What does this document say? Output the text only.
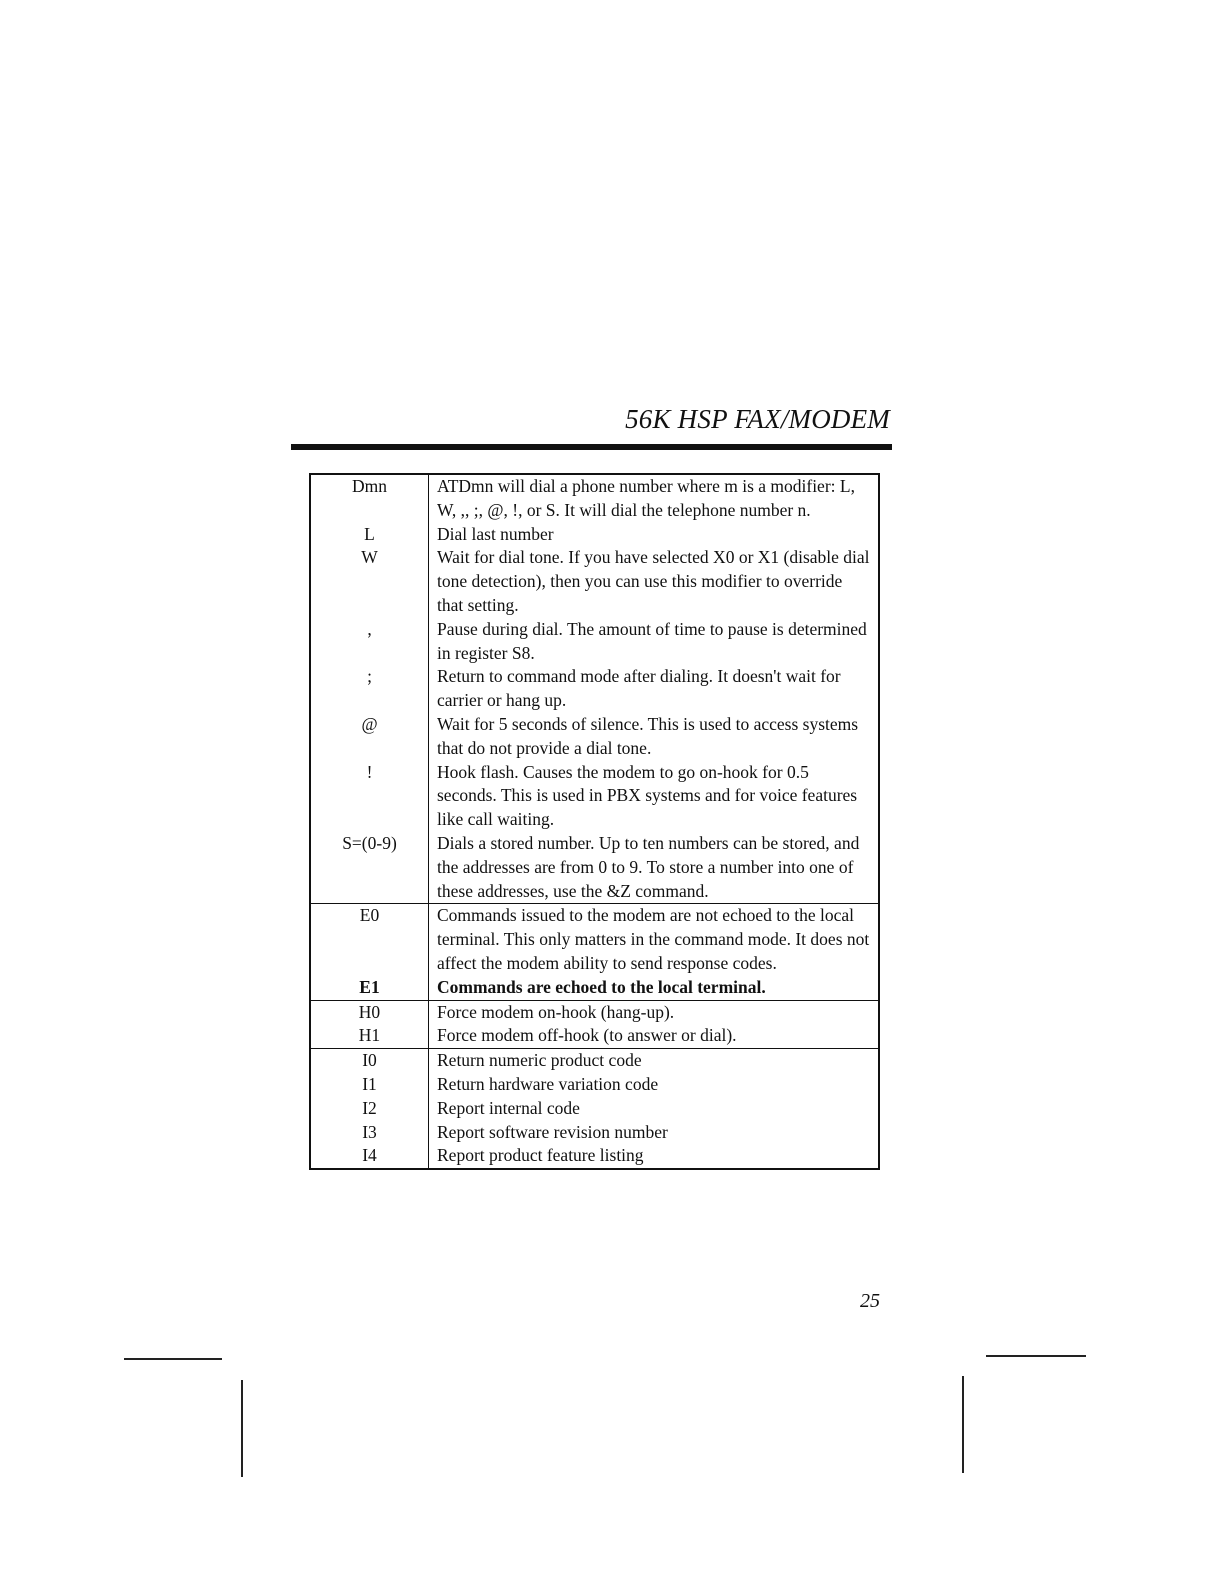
56K HSP FAX/MODEM
Dmn	ATDmn will dial a phone number where m is a modifier: L, W, ,, ;, @, !, or S. It will dial the telephone number n.
L	Dial last number
W	Wait for dial tone. If you have selected X0 or X1 (disable dial tone detection), then you can use this modifier to override that setting.
,	Pause during dial. The amount of time to pause is determined in register S8.
;	Return to command mode after dialing. It doesn't wait for carrier or hang up.
@	Wait for 5 seconds of silence. This is used to access systems that do not provide a dial tone.
!	Hook flash. Causes the modem to go on-hook for 0.5 seconds. This is used in PBX systems and for voice features like call waiting.
S=(0-9)	Dials a stored number. Up to ten numbers can be stored, and the addresses are from 0 to 9. To store a number into one of these addresses, use the &Z command.
E0	Commands issued to the modem are not echoed to the local terminal. This only matters in the command mode. It does not affect the modem ability to send response codes.
E1	Commands are echoed to the local terminal.
H0	Force modem on-hook (hang-up).
H1	Force modem off-hook (to answer or dial).
I0	Return numeric product code
I1	Return hardware variation code
I2	Report internal code
I3	Report software revision number
I4	Report product feature listing
25
